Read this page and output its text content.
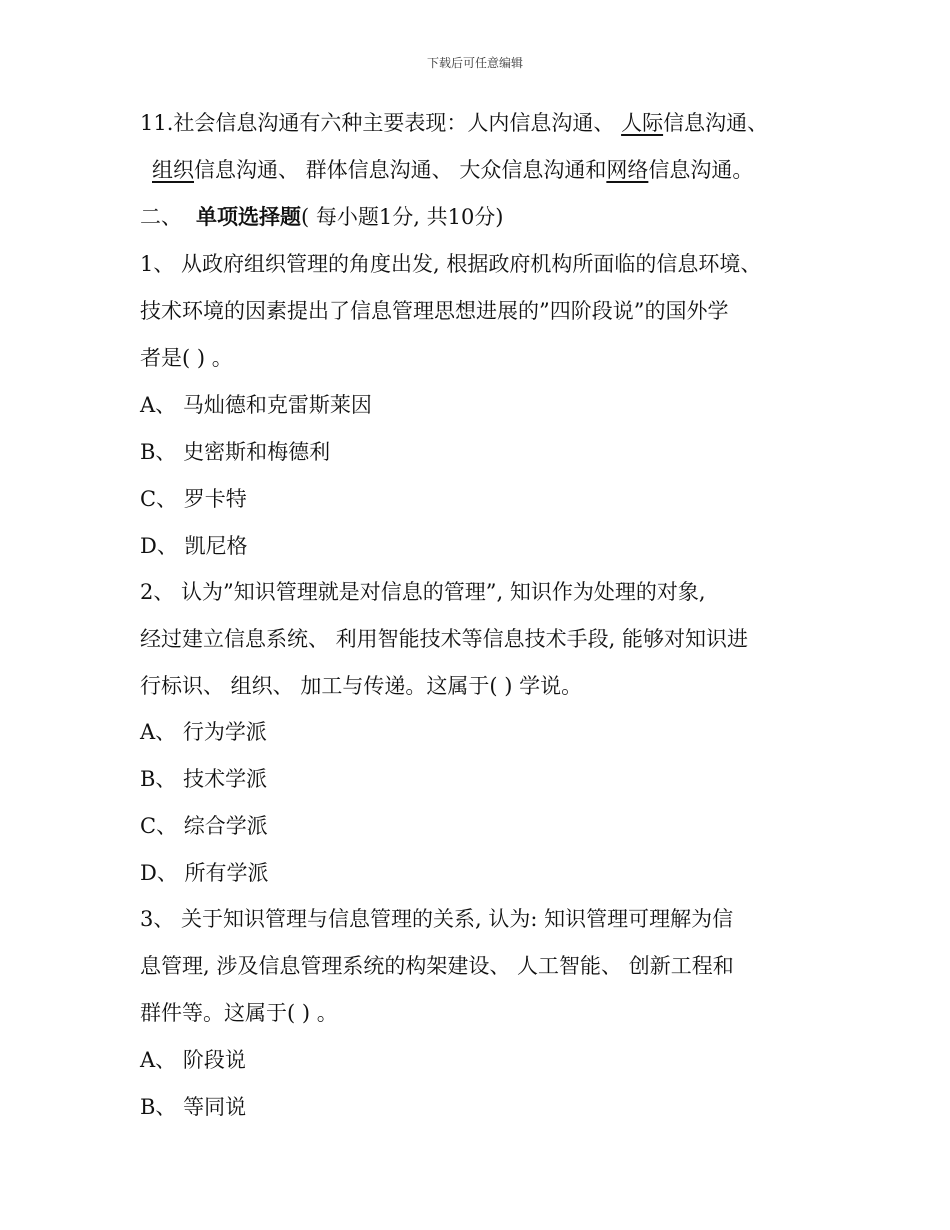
下载后可任意编辑
11.社会信息沟通有六种主要表现：人内信息沟通、 人际信息沟通、
组织信息沟通、 群体信息沟通、 大众信息沟通和网络信息沟通。
二、 单项选择题( 每小题1分, 共10分)
1、 从政府组织管理的角度出发, 根据政府机构所面临的信息环境、
技术环境的因素提出了信息管理思想进展的”四阶段说”的国外学
者是( ) 。
A、 马灿德和克雷斯莱因
B、 史密斯和梅德利
C、 罗卡特
D、 凯尼格
2、 认为”知识管理就是对信息的管理”, 知识作为处理的对象,
经过建立信息系统、 利用智能技术等信息技术手段, 能够对知识进
行标识、 组织、 加工与传递。这属于( ) 学说。
A、 行为学派
B、 技术学派
C、 综合学派
D、 所有学派
3、 关于知识管理与信息管理的关系, 认为: 知识管理可理解为信
息管理, 涉及信息管理系统的构架建设、 人工智能、 创新工程和
群件等。这属于( ) 。
A、 阶段说
B、 等同说
